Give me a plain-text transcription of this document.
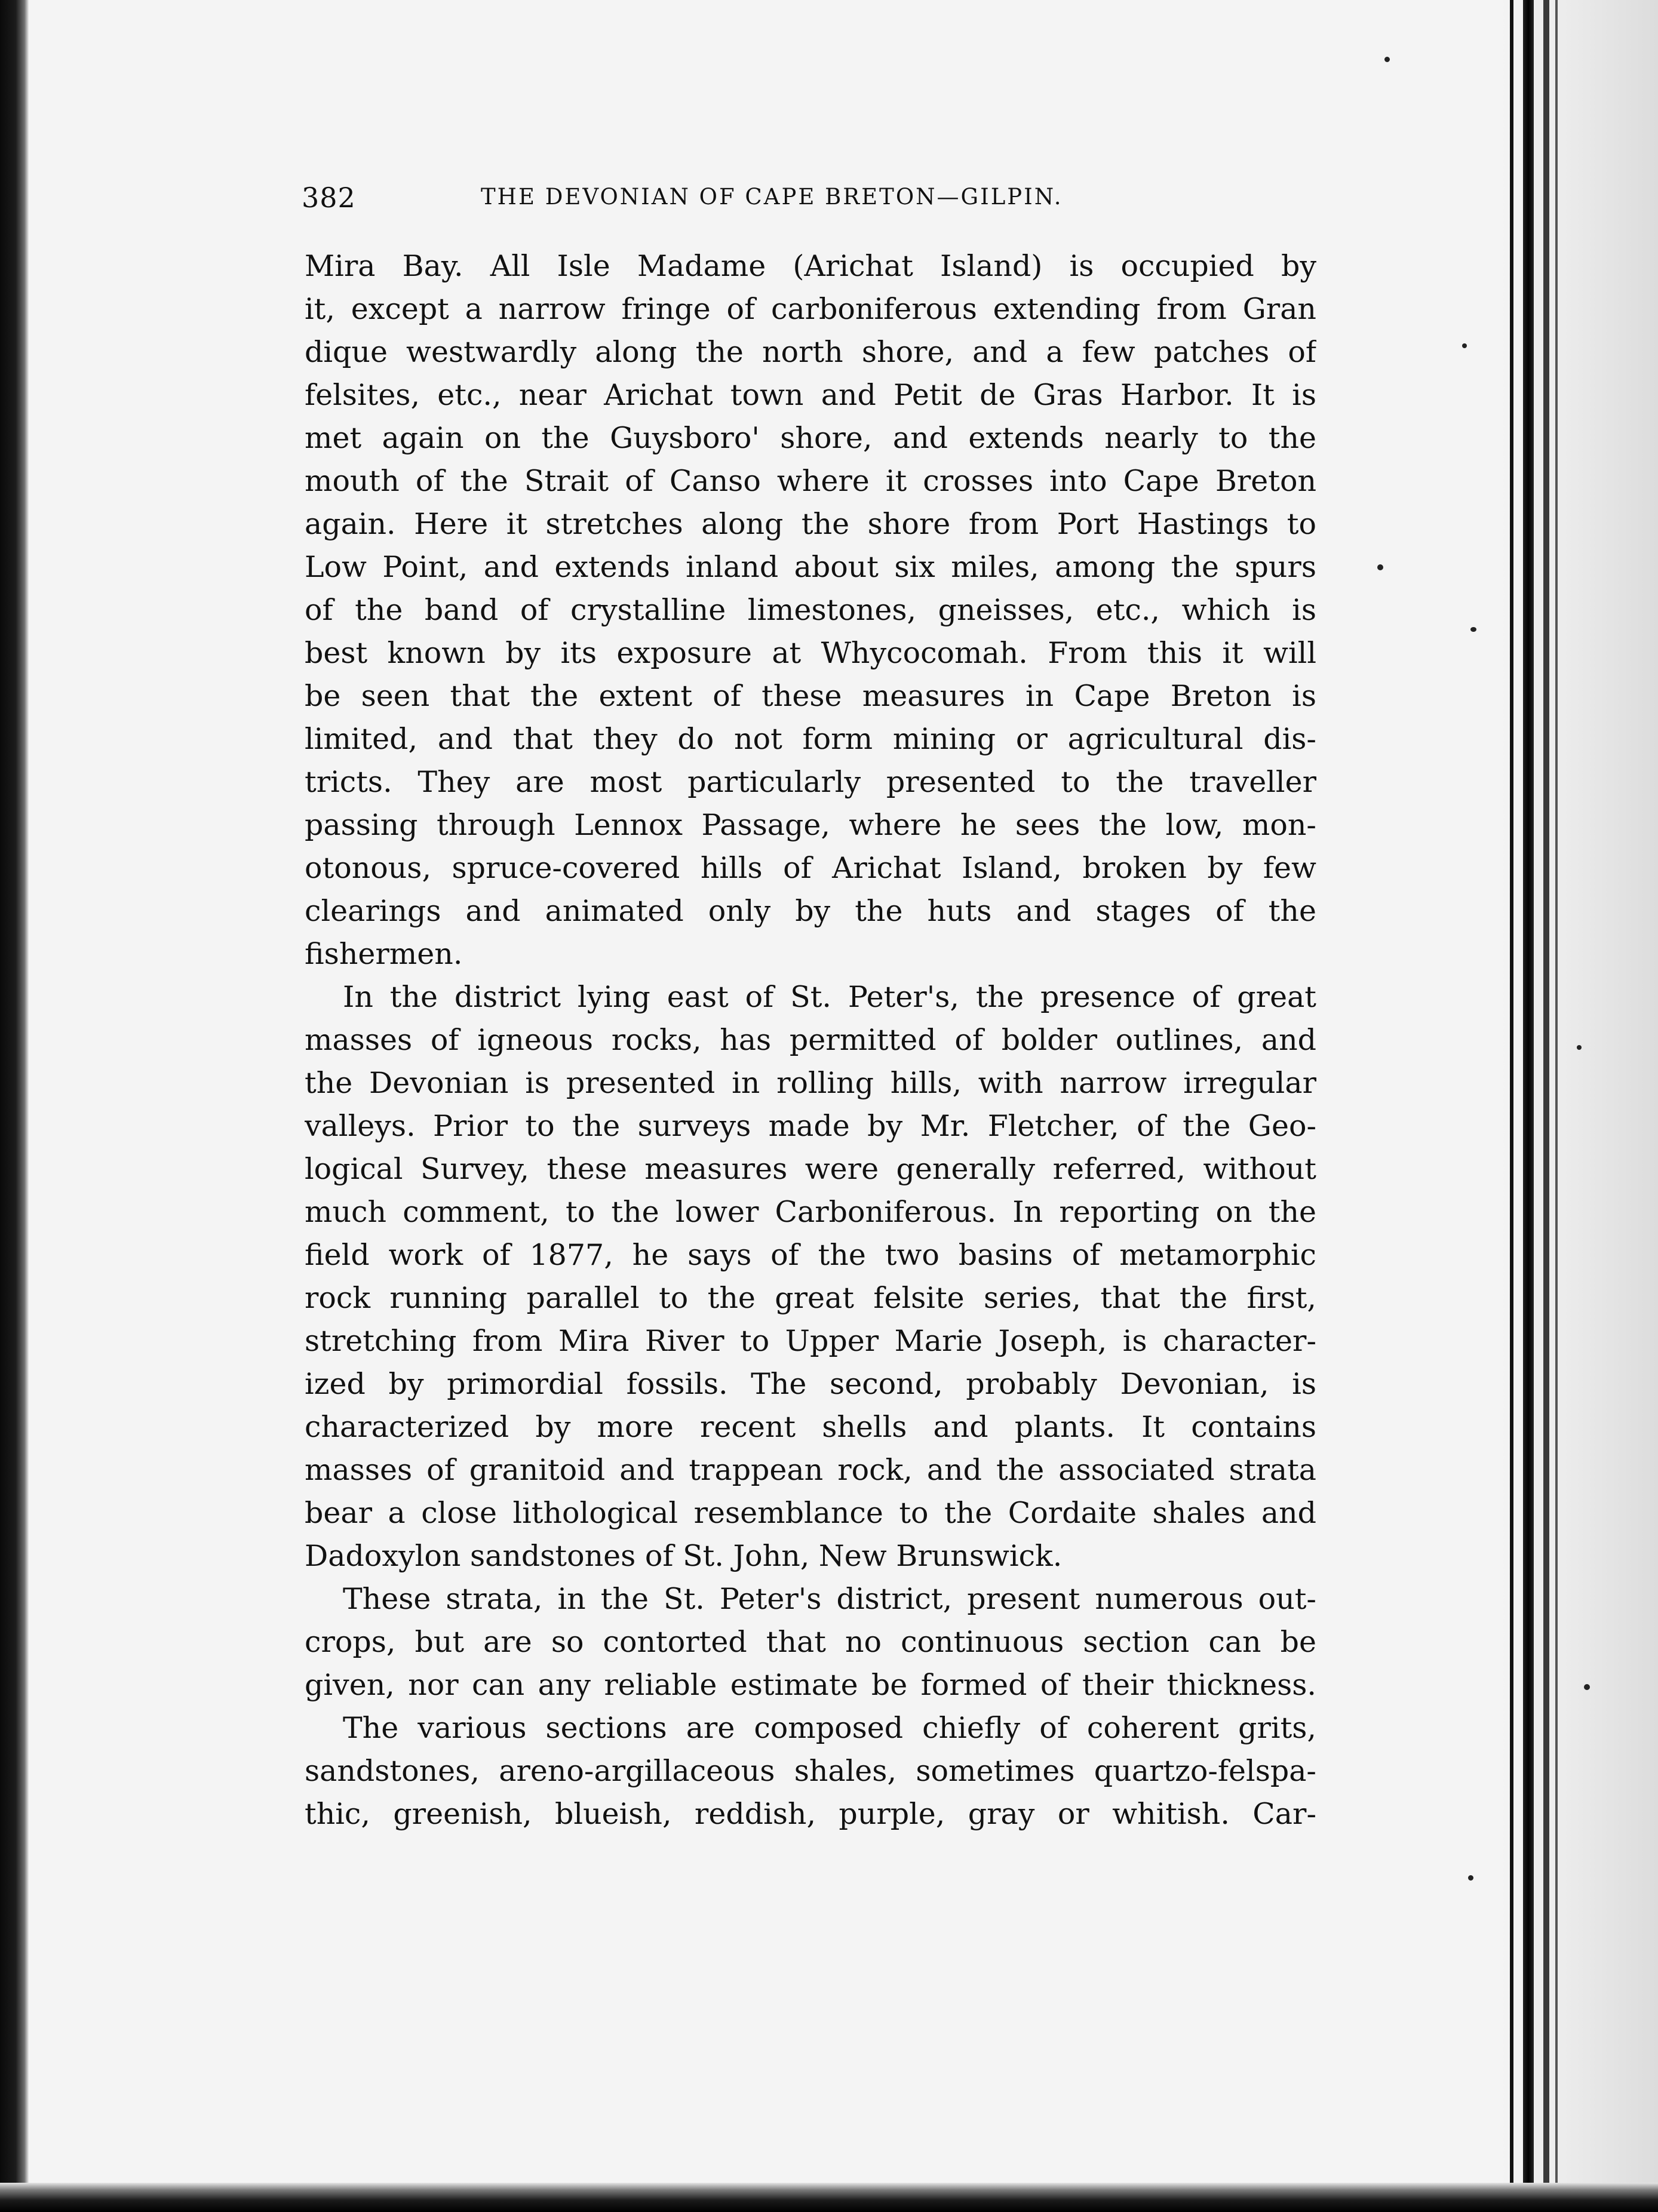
382	THE DEVONIAN OF CAPE BRETON—GILPIN.

Mira Bay. All Isle Madame (Arichat Island) is occupied by
it, except a narrow fringe of carboniferous extending from Gran
dique westwardly along the north shore, and a few patches of
felsites, etc., near Arichat town and Petit de Gras Harbor. It is
met again on the Guysboro' shore, and extends nearly to the
mouth of the Strait of Canso where it crosses into Cape Breton
again. Here it stretches along the shore from Port Hastings to
Low Point, and extends inland about six miles, among the spurs
of the band of crystalline limestones, gneisses, etc., which is
best known by its exposure at Whycocomah. From this it will
be seen that the extent of these measures in Cape Breton is
limited, and that they do not form mining or agricultural dis-
tricts. They are most particularly presented to the traveller
passing through Lennox Passage, where he sees the low, mon-
otonous, spruce-covered hills of Arichat Island, broken by few
clearings and animated only by the huts and stages of the
fishermen.

In the district lying east of St. Peter's, the presence of great
masses of igneous rocks, has permitted of bolder outlines, and
the Devonian is presented in rolling hills, with narrow irregular
valleys. Prior to the surveys made by Mr. Fletcher, of the Geo-
logical Survey, these measures were generally referred, without
much comment, to the lower Carboniferous. In reporting on the
field work of 1877, he says of the two basins of metamorphic
rock running parallel to the great felsite series, that the first,
stretching from Mira River to Upper Marie Joseph, is character-
ized by primordial fossils. The second, probably Devonian, is
characterized by more recent shells and plants. It contains
masses of granitoid and trappean rock, and the associated strata
bear a close lithological resemblance to the Cordaite shales and
Dadoxylon sandstones of St. John, New Brunswick.

These strata, in the St. Peter's district, present numerous out-
crops, but are so contorted that no continuous section can be
given, nor can any reliable estimate be formed of their thickness.

The various sections are composed chiefly of coherent grits,
sandstones, areno-argillaceous shales, sometimes quartzo-felspa-
thic, greenish, blueish, reddish, purple, gray or whitish. Car-
